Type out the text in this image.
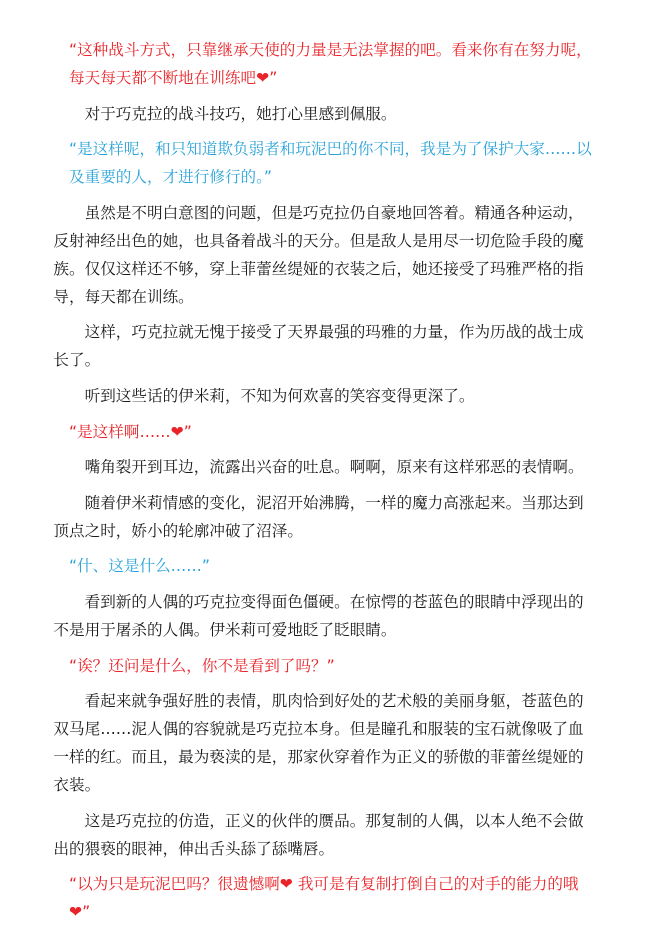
“这种战斗方式，只靠继承天使的力量是无法掌握的吧。看来你有在努力呢，每天每天都不断地在训练吧❤”

对于巧克拉的战斗技巧，她打心里感到佩服。

“是这样呢，和只知道欺负弱者和玩泥巴的你不同，我是为了保护大家……以及重要的人，才进行修行的。”

虽然是不明白意图的问题，但是巧克拉仍自豪地回答着。精通各种运动，反射神经出色的她，也具备着战斗的天分。但是敌人是用尽一切危险手段的魔族。仅仅这样还不够，穿上菲蕾丝缇娅的衣装之后，她还接受了玛雅严格的指导，每天都在训练。

这样，巧克拉就无愧于接受了天界最强的玛雅的力量，作为历战的战士成长了。

听到这些话的伊米莉，不知为何欢喜的笑容变得更深了。

“是这样啊……❤”

嘴角裂开到耳边，流露出兴奋的吐息。啊啊，原来有这样邪恶的表情啊。

随着伊米莉情感的变化，泥沼开始沸腾，一样的魔力高涨起来。当那达到顶点之时，娇小的轮廓冲破了沼泽。

“什、这是什么……”

看到新的人偶的巧克拉变得面色僵硬。在惊愕的苍蓝色的眼睛中浮现出的不是用于屠杀的人偶。伊米莉可爱地眨了眨眼睛。

“诶？还问是什么，你不是看到了吗？”

看起来就争强好胜的表情，肌肉恰到好处的艺术般的美丽身躯，苍蓝色的双马尾……泥人偶的容貌就是巧克拉本身。但是瞳孔和服装的宝石就像吸了血一样的红。而且，最为亵渎的是，那家伙穿着作为正义的骄傲的菲蕾丝缇娅的衣装。

这是巧克拉的仿造，正义的伙伴的赝品。那复制的人偶，以本人绝不会做出的猥亵的眼神，伸出舌头舔了舔嘴唇。

“以为只是玩泥巴吗？很遗憾啊❤ 我可是有复制打倒自己的对手的能力的哦❤”
